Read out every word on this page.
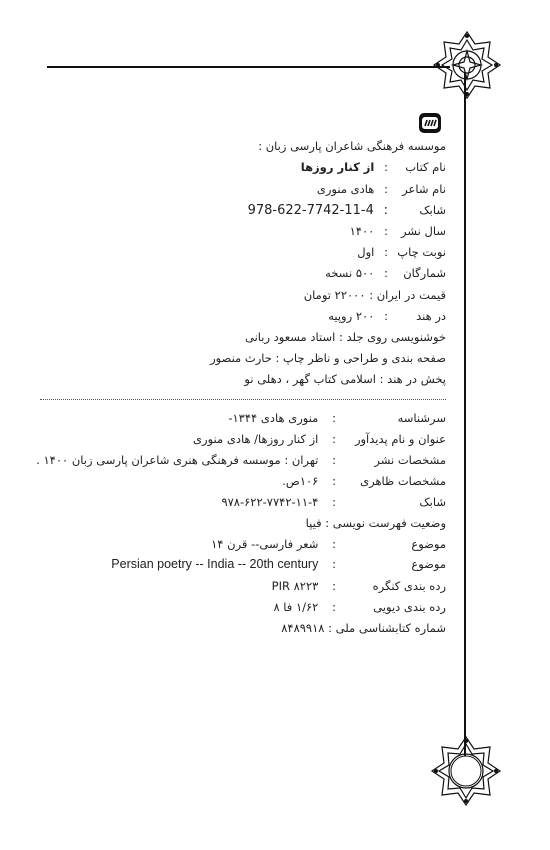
موسسه فرهنگی شاعران پارسی زبان :
نام کتاب: از کنار روزها
نام شاعر: هادی منوری
شابک: 978-622-7742-11-4
سال نشر: ۱۴۰۰
نوبت چاپ: اول
شمارگان: ۵۰۰ نسخه
قیمت در ایران : ۲۲۰۰۰ تومان
در هند: ۲۰۰ روپیه
خوشنویسی روی جلد : استاد مسعود ربانی
صفحه بندی و طراحی و ناظر چاپ : حارث منصور
پخش در هند : اسلامی کتاب گهر ، دهلی نو
سرشناسه: منوری هادی ۱۳۴۴-
عنوان و نام پدیدآور: از کنار روزها/ هادی منوری
مشخصات نشر: تهران : موسسه فرهنگی هنری شاعران پارسی زبان ۱۴۰۰ .
مشخصات ظاهری: ۱۰۶ص.
شابک: ۹۷۸-۶۲۲-۷۷۴۲-۱۱-۴
وضعیت فهرست نویسی : فیپا
موضوع: شعر فارسی-- قرن ۱۴
موضوع: Persian poetry -- India -- 20th century
رده بندی کنگره: PIR ۸۲۲۳
رده بندی دیویی: ۱/۶۲ فا ۸
شماره کتابشناسی ملی : ۸۴۸۹۹۱۸
